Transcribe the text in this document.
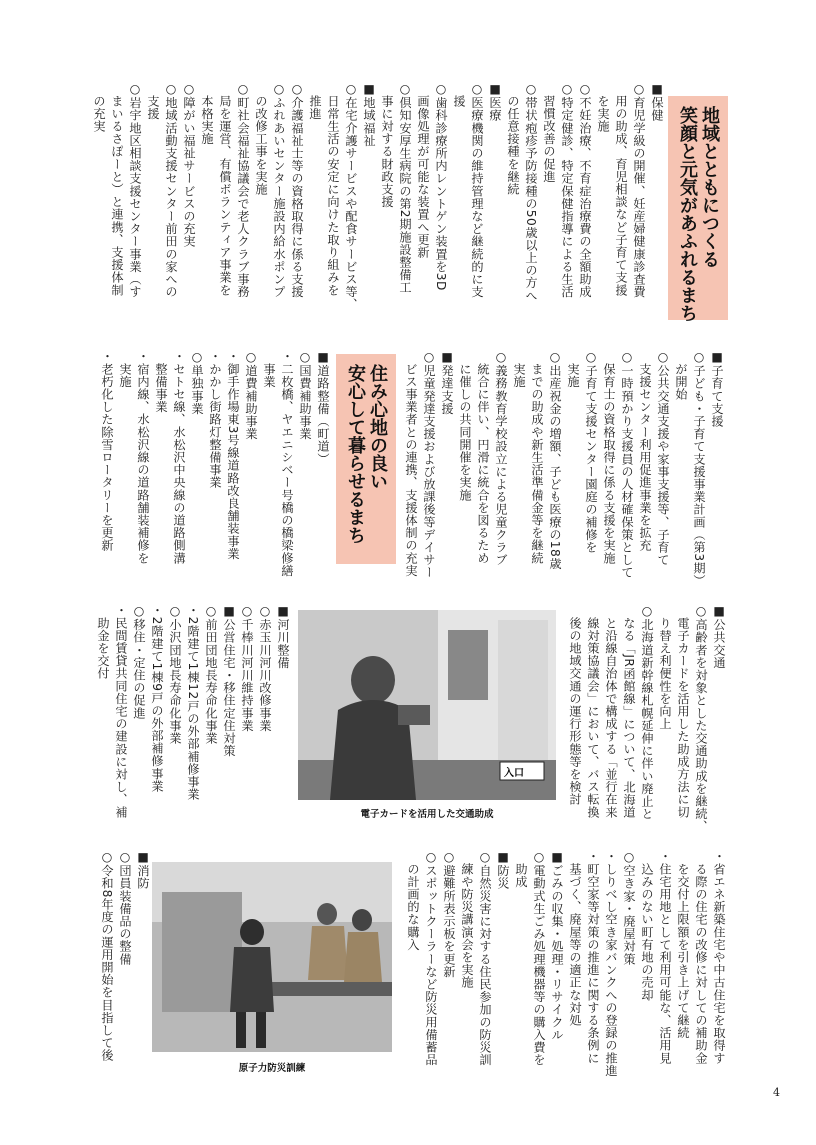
地域とともにつくる
笑顔と元気があふれるまち
■保健
○育児学級の開催、妊産婦健康診査費
　用の助成、育児相談など子育て支援
　を実施
○不妊治療、不育症治療費の全額助成
○特定健診、特定保健指導による生活
　習慣改善の促進
○帯状疱疹予防接種の50歳以上の方へ
　の任意接種を継続
■医療
○医療機関の維持管理など継続的に支
　援
○歯科診療所内レントゲン装置を3D
　画像処理が可能な装置へ更新
○倶知安厚生病院の第2期施設整備工
　事に対する財政支援
■地域福祉
○在宅介護サービスや配食サービス等、
　日常生活の安定に向けた取り組みを
　推進
○介護福祉士等の資格取得に係る支援
○ふれあいセンター施設内給水ポンプ
　の改修工事を実施
○町社会福祉協議会で老人クラブ事務
　局を運営、有償ボランティア事業を
　本格実施
○障がい福祉サービスの充実
○地域活動支援センター前田の家への
　支援
○岩宇地区相談支援センター事業（す
　まいるさぽーと）と連携、支援体制
　の充実
■子育て支援
○子ども・子育て支援事業計画（第3期）
　が開始
○公共交通支援や家事支援等、子育て
　支援センター利用促進事業を拡充
○一時預かり支援員の人材確保策として
　保育士の資格取得に係る支援を実施
○子育て支援センター園庭の補修を
　実施
○出産祝金の増額、子ども医療の18歳
　までの助成や新生活準備金等を継続
　実施
○義務教育学校設立による児童クラブ
　統合に伴い、円滑に統合を図るため
　に催しの共同開催を実施
■発達支援
○児童発達支援および放課後等デイサー
　ビス事業者との連携、支援体制の充実
住み心地の良い
安心して暮らせるまち
■道路整備（町道）
○国費補助事業
・二枚橋、ヤエニシベー号橋の橋梁修繕
　事業
○道費補助事業
・御手作場東3号線道路改良舗装事業
・かかし街路灯整備事業
○単独事業
・セトセ線、水松沢中央線の道路側溝
　整備事業
・宿内線、水松沢線の道路舗装補修を
　実施
・老朽化した除雪ロータリーを更新
■公共交通
○高齢者を対象とした交通助成を継続、
　電子カードを活用した助成方法に切
　り替え利便性を向上
○北海道新幹線札幌延伸に伴い廃止と
　なる「JR函館線」について、北海道
　と沿線自治体で構成する「並行在来
　線対策協議会」において、バス転換
　後の地域交通の運行形態等を検討
入口
電子カードを活用した交通助成
■河川整備
○赤玉川河川改修事業
○千棒川河川維持事業
■公営住宅・移住定住対策
○前田団地長寿命化事業
・2階建て1棟12戸の外部補修事業
○小沢団地長寿命化事業
・2階建て1棟9戸の外部補修事業
○移住・定住の促進
・民間賃貸共同住宅の建設に対し、補
　助金を交付
・省エネ新築住宅や中古住宅を取得す
　る際の住宅の改修に対しての補助金
　を交付上限額を引き上げて継続
・住宅用地として利用可能な、活用見
　込みのない町有地の売却
○空き家・廃屋対策
・しりべし空き家バンクへの登録の推進
・町空家等対策の推進に関する条例に
　基づく、廃屋等の適正な対処
■ごみの収集・処理・リサイクル
○電動式生ごみ処理機器等の購入費を
　助成
■防災
○自然災害に対する住民参加の防災訓
　練や防災講演会を実施
○避難所表示板を更新
○スポットクーラーなど防災用備蓄品
　の計画的な購入
原子力防災訓練
■消防
○団員装備品の整備
○令和8年度の運用開始を目指して後
4
